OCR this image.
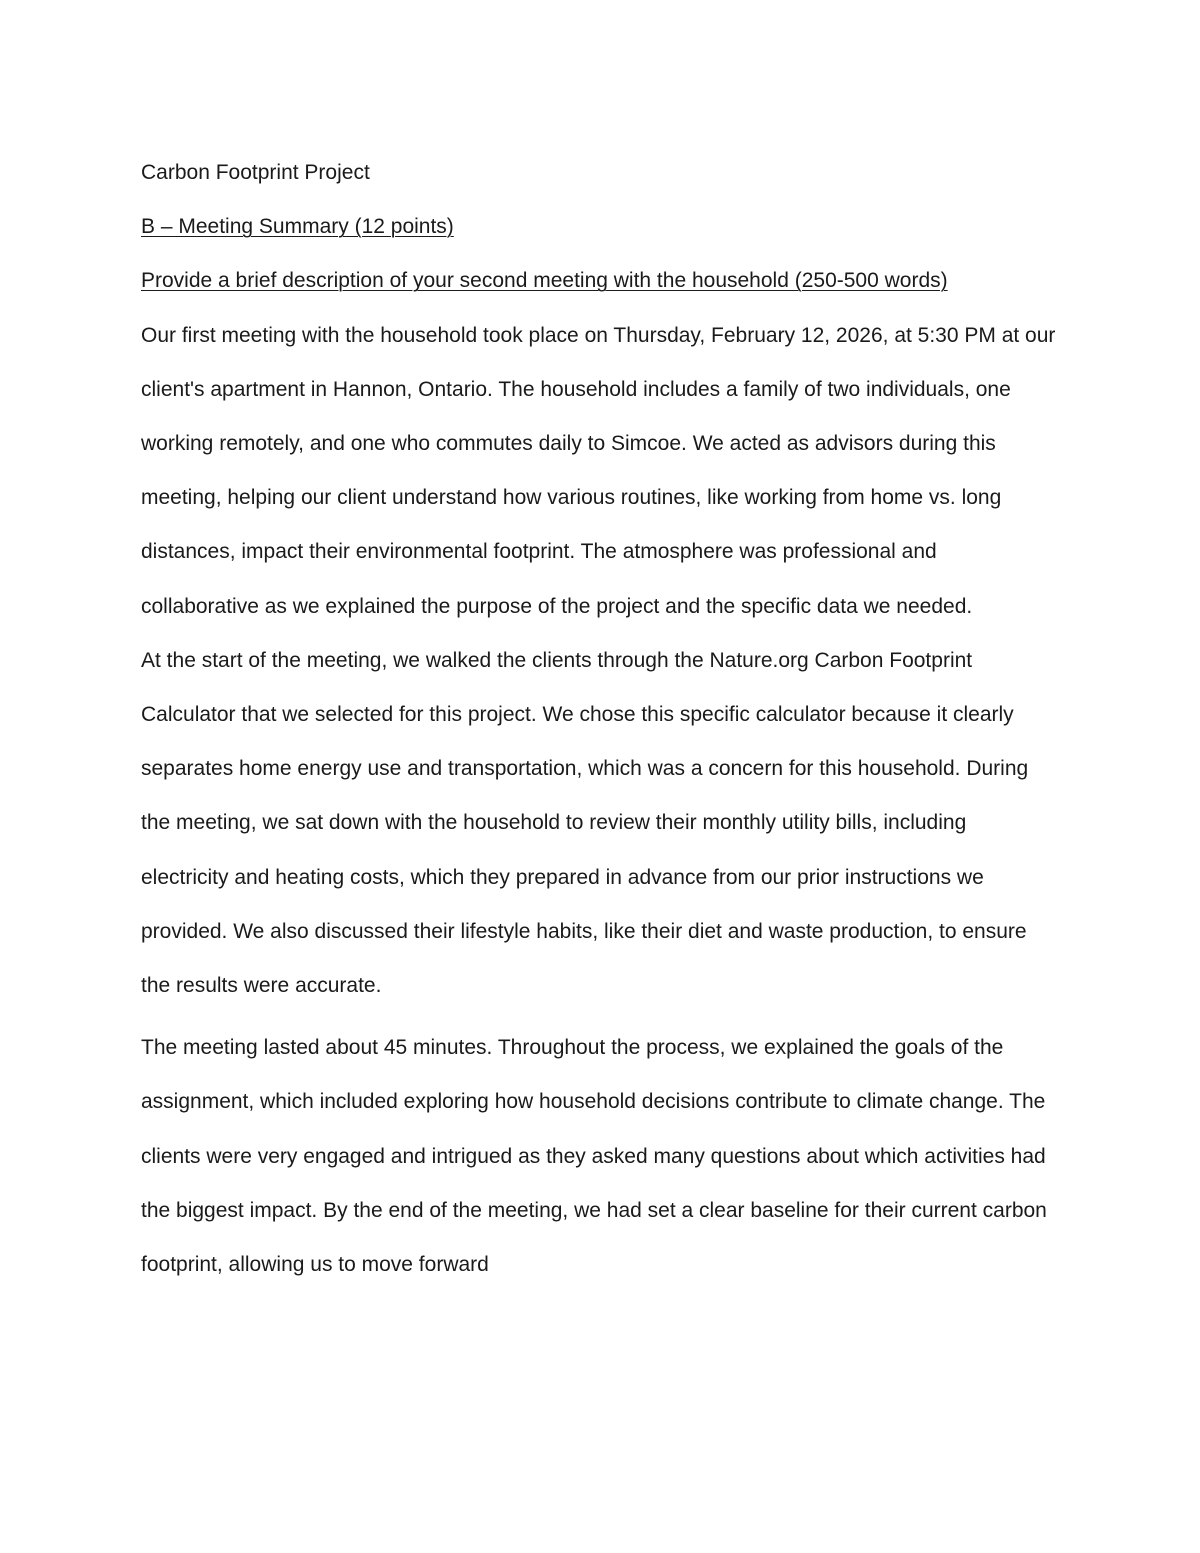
Carbon Footprint Project

B – Meeting Summary (12 points)

Provide a brief description of your second meeting with the household (250-500 words)

Our first meeting with the household took place on Thursday, February 12, 2026, at 5:30 PM at our client's apartment in Hannon, Ontario. The household includes a family of two individuals, one working remotely, and one who commutes daily to Simcoe. We acted as advisors during this meeting, helping our client understand how various routines, like working from home vs. long distances, impact their environmental footprint. The atmosphere was professional and collaborative as we explained the purpose of the project and the specific data we needed.

At the start of the meeting, we walked the clients through the Nature.org Carbon Footprint Calculator that we selected for this project. We chose this specific calculator because it clearly separates home energy use and transportation, which was a concern for this household. During the meeting, we sat down with the household to review their monthly utility bills, including electricity and heating costs, which they prepared in advance from our prior instructions we provided. We also discussed their lifestyle habits, like their diet and waste production, to ensure the results were accurate.

The meeting lasted about 45 minutes. Throughout the process, we explained the goals of the assignment, which included exploring how household decisions contribute to climate change. The clients were very engaged and intrigued as they asked many questions about which activities had the biggest impact. By the end of the meeting, we had set a clear baseline for their current carbon footprint, allowing us to move forward
